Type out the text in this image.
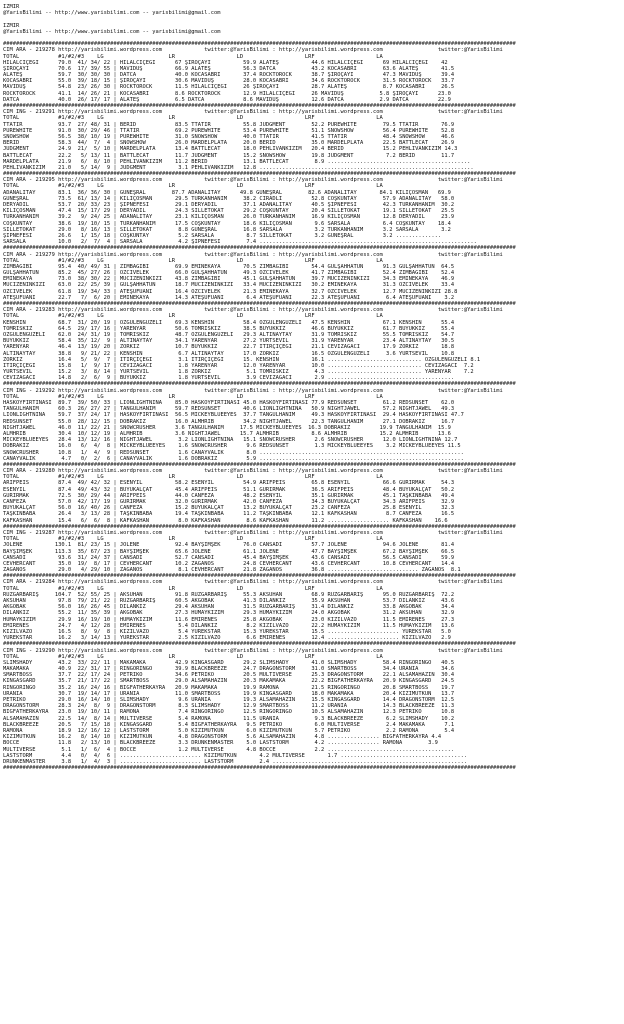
IZMIR
@YarisBilimi -- http://www.yarisbilimi.com -- yarisbilimi@gmail.com
IZMIR
@YarisBilimi -- http://www.yarisbilimi.com -- yarisbilimi@gmail.com
##############################################################################################################################################################
CIM ARA - 219278 http://yarisbilimi.wordpress.com             twitter:@YarisBilimi : http://yarisbilimi.wordpress.com                 twitter:@YarisBilimi
TOTAL            #1/#2/#3    LG                    LR                   LD                   LRF                   LA
HILALCIÇEĞI      79.0  41/ 34/ 22 | HILALCIÇEĞI      67 ŞIROÇAYI          59.9 ALATEŞ          44.6 HILALCIÇEĞI      69 HILALCIÇEĞI    42
ŞIROÇAYI         70.6  17/ 39/ 55 | MAVIDÜŞ          66.9 ALATEŞ          56.3 DATCA           43.2 KOCASABRI        63.6 ALATEŞ       41.5
ALATEŞ           59.7  30/ 30/ 30 | DATCA            40.0 KOCASABRI       37.4 ROCKTOROCK      38.7 ŞIROÇAYI         47.3 MAVIDÜŞ      39.4
KOCASABRI        55.0  39/ 18/ 15 | ŞIROÇAYI         30.6 MAVIDÜŞ         28.0 KOCASABRI       34.6 ROCKTOROCK       31.5 ROCKTOROCK   33.7
MAVIDÜŞ          54.8  23/ 26/ 30 | ROCKTOROCK       11.5 HILALCIÇEĞI     26 ŞIROÇAYI          28.7 ALATEŞ           8.7 KOCASABRI     26.5
ROCKTOROCK       41.1  14/ 26/ 21 | KOCASABRI        8.6 ROCKTOROCK       12.9 HILALCIÇEĞI     26 MAVIDÜŞ           5.8 ŞIROÇAYI      23.0
DATCA            40.0  26/ 17/ 17 | ALATEŞ           6.5 DATCA            8.6 MAVIDÜŞ          12.6 DATCA           2.9 DATCA         22.9
##############################################################################################################################################################
CIM ING - 219291 http://yarisbilimi.wordpress.com             twitter:@YarisBilimi : http://yarisbilimi.wordpress.com                 twitter:@YarisBilimi
TOTAL            #1/#2/#3    LG                    LR                   LD                   LRF                   LA
TTATIR           93.7  27/ 48/ 31 | BERID            83.5 TTATIR          55.8 JUDGMENT        52.2 PUREWHITE        79.5 TTATIR       76.9
PUREWHITE        91.0  30/ 29/ 46 | TTATIR           69.2 PUREWHITE       53.4 PUREWHITE       51.1 SNOWSHOW         56.4 PUREWHITE    52.8
SNOWSHOW         56.5  38/ 10/ 19 | PUREWHITE        31.0 SNOWSHOW        40.0 TTATIR          41.5 TTATIR           48.4 SNOWSHOW     46.6
BERID            58.3  44/  7/  4 | SNOWSHOW         26.0 MARDELPLATA     20.0 BERID           35.0 MARDELPLATA      22.5 BATTLECAT    26.9
JUDGMENT         24.9  21/  5/ 10 | MARDELPLATA      13.4 BATTLECAT       18.0 PEHLIVANKIZIM   20.4 BERID            15.2 PEHLIVANKIZIM 14.3
BATTLECAT        22.2   5/ 13/ 11 | BATTLECAT        11.7 JUDGMENT        15.2 SNOWSHOW        19.8 JUDGMENT          7.2 BERID        11.7
MARDELPLATA      21.9   6/  8/ 10 | PEHLIVANKIZIM    11.2 BERID           13.1 BATTLECAT        8.9 ............................................
PEHLIVANKIZIM    21.0   5/ 14/  9 | JUDGMENT          3.1 PEHLIVANKIZIM   12.8 ..................................................................
##############################################################################################################################################################
CIM ARA - 219295 http://yarisbilimi.wordpress.com             twitter:@YarisBilimi : http://yarisbilimi.wordpress.com                 twitter:@YarisBilimi
TOTAL            #1/#2/#3    LG                    LR                   LD                   LRF                   LA
ADANALITAY       83.1  36/ 36/ 30 | GÜNEŞRAL        87.7 ADANALITAY      49.8 GÜNEŞRAL        82.6 ADANALITAY       84.1 KILIÇOSMAN   69.9
GÜNEŞRAL         73.5  61/ 13/ 14 | KILIÇOSMAN       29.5 TÜRKANHANIM     38.2 CIRADLI         52.8 COŞKUNTAY        57.9 ADANALITAY   58.0
DERYADIL         53.7  20/ 33/ 23 | ŞIPNEFESI        29.1 DERYADIL        37.1 ADANALITAY      40.5 ŞIPNEFESI        42.3 TÜRKANHANIM  30.2
KILIÇOSMAN       47.4  15/ 17/ 29 | DERYADIL         24.3 SILLETOKAT      29.2 COŞKUNTAY       20.4 SILLETOKAT       19.1 SILLETOKAT   25.5
TÜRKANHANIM      39.2   9/ 24/ 25 | ADANALITAY       23.1 KILIÇOSMAN      26.0 TÜRKANHANIM     16.9 KILIÇOSMAN       12.8 DERYADIL     23.9
COŞKUNTAY        38.6  19/ 10/ 15 | TÜRKANHANIM      17.5 COŞKUNTAY       18.6 KILIÇOSMAN       9.6 SARSALA          6.4 COŞKUNTAY    18.4
SILLETOKAT       29.0   8/ 16/ 13 | SILLETOKAT        8.8 GÜNEŞRAL        16.8 SARSALA          3.2 TÜRKANHANIM      3.2 SARSALA       3.2
ŞIPNEFESI        26.6   1/ 15/ 18 | COŞKUNTAY         5.2 SARSALA          8.7 SILLETOKAT       3.2 GÜNEŞRAL         3.2 ..............
SARSALA          10.0   2/  7/  4 | SARSALA           4.2 ŞIPNEFESI        7.4 ...................................................................
##############################################################################################################################################################
CIM ARA - 219279 http://yarisbilimi.wordpress.com             twitter:@YarisBilimi : http://yarisbilimi.wordpress.com                 twitter:@YarisBilimi
TOTAL            #1/#2/#3    LG                    LR                   LD                   LRF                   LA
ZIMBAGIBI        95.4  40/ 49/ 31 | ZIMBAGIBI        69.9 EMINEKAYA       70.5 ZIMBAGIBI       54.4 GÜLŞAHHATUN      91.3 GÜLŞAHHATUN  64.5
GÜLŞAHHATUN      85.2  45/ 27/ 26 | ÖZCIVELEK        66.0 GÜLŞAHHATUN     49.3 ÖZCIVELEK       41.7 ZIMBAGIBI        52.4 ZIMBAGIBI    52.4
EMINEKAYA        73.0  38/ 30/ 22 | MUCIZENINKIZI    43.8 ZIMBAGIBI       45.1 GÜLŞAHHATUN     39.7 MUCIZENINKIZI    34.3 EMINEKAYA    46.9
MUCIZENINKIZI    63.0  22/ 25/ 39 | GÜLŞAHHATUN      18.7 MUCIZENINKIZI   33.4 MUCIZENINKIZI   30.2 EMINEKAYA        31.3 ÖZCIVELEK    33.4
ÖZCIVELEK        61.8  19/ 34/ 33 | ATEŞUFUANI       16.4 ÖZCIVELEK       21.3 EMINEKAYA       32.7 ÖZCIVELEK        12.7 MUCIZENINKIZI 28.8
ATEŞUFUANI       22.7   7/  6/ 20 | EMINEKAYA        14.3 ATEŞUFUANI       6.4 ATEŞUFUANI      22.3 ATEŞUFUANI        6.4 ATEŞUFUANI    3.2
##############################################################################################################################################################
CIM ARA - 219283 http://yarisbilimi.wordpress.com             twitter:@YarisBilimi : http://yarisbilimi.wordpress.com                 twitter:@YarisBilimi
TOTAL            #1/#2/#3    LG                    LR                   LD                   LRF                   LA
KENSHIN          68.7  31/ 20/ 19 | ÖZGÜLENGÜZELI    69.3 KENSHIN         58.4 ÖZGÜLENGÜZELI   47.5 KENSHIN          67.1 KENSHIN      55.4
TOMRISKIZ        64.5  29/ 17/ 16 | YARENYAR         50.6 TOMRISKIZ       38.5 BÜYÜKKIZ        46.6 BÜYÜKKIZ         61.7 BÜYÜKKIZ     55.4
ÖZGÜLENGÜZELI    62.0  24/ 31/ 19 | TOMRISKIZ        48.7 ÖZGÜLENGÜZELI   29.3 ALTINAYTAY      31.9 TOMRISKIZ        55.5 TOMRISKIZ    54.7
BÜYÜKKIZ         58.4  35/ 12/  9 | ALTINAYTAY       34.1 YARENYAR        27.2 YURTSEVIL       31.9 YARENYAR         23.4 ALTINAYTAY   30.5
YARENYAR         46.4  13/ 19/ 20 | ZORKIZ           10.7 BÜYÜKKIZ        22.7 ITIRÇIÇEĞI      21.1 CEVIZAĞACI       17.9 ZORKIZ       18.8
ALTINAYTAY       38.8   9/ 21/ 22 | KENSHIN           6.7 ALTINAYTAY      17.0 ZORKIZ          16.5 ÖZGÜLENGÜZELI     3.6 YURTSEVIL    10.8
ZORKIZ           16.4   5/  9/  7 | ITIRÇIÇEĞI        3.1 ITIRÇIÇEĞI      15. KENSHIN          16.1 ............................. ÖZGÜLENGÜZELI 8.1
ITIRÇIÇEĞI       15.8   1/  9/ 17 | CEVIZAĞACI        1.8 YARENYAR        12.0 YARENYAR        10.0 ............................. CEVIZAĞACI  7.2
YURTSEVIL        15.2   3/  8/ 14 | YURTSEVIL         1.8 ZORKIZ           5.1 TOMRISKIZ        4.3 ............................. YARENYAR    7.2
CEVIZAĞACI       14.8   2/  6/  9 | BÜYÜKKIZ          1.8 YURTSEVIL        3.9 CEVIZAĞACI       2.9 .......................................
##############################################################################################################################################################
CIM ING - 219292 http://yarisbilimi.wordpress.com             twitter:@YarisBilimi : http://yarisbilimi.wordpress.com                 twitter:@YarisBilimi
TOTAL            #1/#2/#3    LG                    LR                   LD                   LRF                   LA
HASKÖYFIRTINASI  89.7  39/ 50/ 33 | LIONLIGHTNINA    85.0 HASKÖYFIRTINASI 45.0 HASKÖYFIRTINASI 77.9 REDSUNSET        61.2 REDSUNSET    62.0
TANGÜLHANIM      60.3  26/ 27/ 27 | TANGÜLHANIM      59.7 REDSUNSET       40.6 LIONLIGHTNINA   50.9 NIGHTJAWEL       57.2 NIGHTJAWEL   49.3
LIONLIGHTNINA    59.7  37/ 24/ 17 | HASKÖYFIRTINASI  56.5 MICKEYBLUEEYES  37.7 TANGÜLHANIM     49.3 HASKÖYFIRTINASI  29.4 HASKÖYFIRTINASI 47.7
REDSUNSET        55.0  28/ 12/ 15 | DOBRAKIZ         16.0 ALMHRIB         34.2 NIGHTJAWEL      22.3 TANGÜLHANIM      27.1 DOBRAKIZ     16.7
NIGHTJAWEL       46.0  11/ 22/ 21 | SNOWCRUSHER      3.6 TANGÜLHANIM     17.5 MICKEYBLUEEYES  16.3 DOBRAKIZ         19.9 TANGÜLHANIM  15.9
ALMHRIB          30.4  10/ 12/ 19 | ALMHRIB          3.6 NIGHTJAWEL      15.7 ALMHRIB          8.6 ALMHRIB          15.2 ALMHRIB      13.6
MICKEYBLUEEYES   28.4  13/ 12/ 16 | NIGHTJAWEL        3.2 LIONLIGHTNINA   15.1 SNOWCRUSHER      2.6 SNOWCRUSHER      12.0 LIONLIGHTNINA 12.7
DOBRAKIZ         16.0   6/  4/  8 | MICKEYBLUEEYES    1.6 SNOWCRUSHER      9.6 REDSUNSET        1.3 MICKEYBLUEEYES    3.2 MICKEYBLUEEYES 11.5
SNOWCRUSHER      10.8   1/  4/  9 | REDSUNSET         1.6 CANAYVALIK       8.0 ...............................................................
CANAYVALIK        4.7   0/  2/  6 | CANAYVALIK        1.6 DOBRAKIZ         5.9 ...............................................................
##############################################################################################################################################################
CIM ARA - 219280 http://yarisbilimi.wordpress.com             twitter:@YarisBilimi : http://yarisbilimi.wordpress.com                 twitter:@YarisBilimi
TOTAL            #1/#2/#3    LG                    LR                   LD                   LRF                   LA
ARIFPEIS         87.4  49/ 42/ 32 | ESENYIL          58.2 ESENYIL         54.9 ARIFPEIS        65.8 ESENYIL          66.6 GÜRIRMAK     54.3
ESENYIL          87.4  49/ 43/ 32 | BÜYÜKALÇAT       45.4 ARIFPEIS        51.1 GÜRIRMAK        36.5 ARIFPEIS         48.4 BÜYÜKALÇAT   50.2
GÜRIRMAK         72.5  30/ 29/ 44 | ARIFPEIS         44.0 CANFEZA         48.2 ESENYIL         35.1 GÜRIRMAK         45.1 TAŞKINBABA   49.4
CANFEZA          57.0  42/ 17/ 19 | GÜRIRMAK         32.0 GÜRIRMAK        42.0 CANFEZA         34.3 BÜYÜKALÇAT       34.3 ARIFPEIS     32.9
BÜYÜKALÇAT       56.0  16/ 40/ 26 | CANFEZA          15.2 BÜYÜKALÇAT      13.2 BÜYÜKALÇAT      23.2 CANFEZA          25.8 ESENYIL      32.3
TAŞKINBABA       26.4   3/ 13/ 28 | TAŞKINBABA       19.4 TAŞKINBABA      11.2 TAŞKINBABA      12.1 KAFKASHAN         8.7 CANFEZA      16.5
KAFKASHAN        15.4   6/  6/  8 | KAFKASHAN         8.0 KAFKASHAN        8.6 KAFKASHAN       11.2 ................... KAFKASHAN    16.6
##############################################################################################################################################################
CIM ING - 219287 http://yarisbilimi.wordpress.com             twitter:@YarisBilimi : http://yarisbilimi.wordpress.com                 twitter:@YarisBilimi
TOTAL            #1/#2/#3    LG                    LR                   LD                   LRF                   LA
JOLENE          130.1  81/ 23/ 15 | JOLENE           92.4 BAYŞIMŞEK       76.0 CANSADI         57.7 JOLENE           94.6 JOLENE       81.4
BAYŞIMŞEK       113.3  35/ 67/ 23 | BAYŞIMŞEK        65.6 JOLENE          61.1 JOLENE          47.7 BAYŞIMŞEK        67.2 BAYŞIMŞEK    66.5
CANSADI          93.6  31/ 24/ 37 | CANSADI          52.7 CANSADI         45.4 BAYŞIMŞEK       43.6 CANSADI          56.5 CANSADI      59.9
CEVHERCANT       35.0  19/  8/ 17 | CEVHERCANT       10.2 ZAGANOS         24.8 CEVHERCANT      43.6 CEVHERCANT       10.8 CEVHERCANT   14.4
ZAGANOS          29.0   4/ 29/ 10 | ZAGANOS           8.1 CEVHERCANT      21.8 ZAGANOS         36.8 ............................ ZAGANOS  8.1
##############################################################################################################################################################
CIM ARA - 219284 http://yarisbilimi.wordpress.com             twitter:@YarisBilimi : http://yarisbilimi.wordpress.com                 twitter:@YarisBilimi
TOTAL            #1/#2/#3    LG                    LR                   LD                   LRF                   LA
RÜZGARBARIŞ     104.7  52/ 55/ 25 | AKSUHAN          91.8 RÜZGARBARIŞ     55.3 AKSUHAN         68.9 RÜZGARBARIŞ      95.0 RÜZGARBARIŞ  72.2
AKSUHAN          97.8  79/ 21/ 22 | RÜZGARBARIŞ      60.5 AKGOBAK         41.3 DILANKIZ        35.9 AKSUHAN          53.7 DILANKIZ     43.6
AKGOBAK          56.0  16/ 26/ 45 | DILANKIZ         29.4 AKSUHAN         31.5 RÜZGARBARIŞ     31.4 DILANKIZ         33.8 AKGOBAK      34.4
DILANKIZ         55.2  11/ 35/ 39 | AKGOBAK          27.3 HUMAYKIZIM      29.3 HUMAYKIZIM      24.0 AKGOBAK          31.2 AKSUHAN      32.9
HUMAYKIZIM       29.9  16/ 19/ 10 | HUMAYKIZIM       11.6 EMIRENES        25.8 AKGOBAK         23.0 KIZILVAZO        11.5 EMIRENES     27.3
EMIRENES         24.7   4/ 12/ 28 | EMIRENES          5.4 DILANKIZ         8.2 KIZILVAZO       22.2 HUMAYKIZIM       11.5 HUMAYKIZIM   13.6
KIZILVAZO        16.5   8/  9/  8 | KIZILVAZO         5.4 YÜREKSTAR       15.3 YÜREKSTAR       15.5 ...................... YÜREKSTAR   5.0
YÜREKSTAR        16.2   3/ 14/ 13 | YÜREKSTAR         2.5 KIZILVAZO        6.6 EMIRENES        12.4 ...................... KIZILVAZO   2.9
##############################################################################################################################################################
CIM ING - 219290 http://yarisbilimi.wordpress.com             twitter:@YarisBilimi : http://yarisbilimi.wordpress.com                 twitter:@YarisBilimi
TOTAL            #1/#2/#3    LG                    LR                   LD                   LRF                   LA
SLIMSHADY        43.2  33/ 22/ 11 | MAKAMAKA         42.9 KINGASGARD      29.2 SLIMSHADY       41.0 SLIMSHADY        58.4 RINGORINGO   40.5
MAKAMAKA         40.9  22/ 31/ 17 | RINGORINGO       39.9 BLACKBREEZE     24.7 DRAGONSTORM     31.0 SMARTBOSS        34.4 URANIA       34.6
SMARTBOSS        37.7  22/ 17/ 24 | PETRIKO          34.6 PETRIKO         20.5 MULTIVERSE      25.3 DRAGONSTORM      22.1 ALSAMAHAZIN  30.4
KINGASGARD       35.7  21/ 17/ 22 | SMARTBOSS        29.0 ALSAMAHAZIN     20.3 MAKAMAKA        22.2 BIGFATHERKAYRA   20.9 KINGASGARD   24.5
RINGORINGO       35.2  16/ 24/ 16 | BIGFATHERKAYRA   20.9 MAKAMAKA        19.9 RAMONA          21.5 RINGORINGO       20.8 SMARTBOSS    19.7
URANIA           30.7  19/ 14/ 17 | URANIA           11.0 SMARTBOSS       19.9 KINGASGARD      18.0 MAKAMAKA         20.4 KIZIMUTKUN   13.7
PETRIKO          29.0  16/ 14/ 10 | SLIMSHADY         9.6 URANIA          19.3 ALSAMAHAZIN     15.5 KINGASGARD       14.4 DRAGONSTORM  12.5
DRAGONSTORM      28.3  24/  8/  9 | DRAGONSTORM       8.3 SLIMSHADY       12.9 SMARTBOSS       11.2 URANIA           14.3 BLACKBREEZE  11.3
BIGFATHERKAYRA   23.0  19/ 10/ 11 | RAMONA            7.4 RINGORINGO      12.5 RINGORINGO      10.5 ALSAMAHAZIN      12.3 PETRIKO      10.8
ALSAMAHAZIN      22.5  14/  8/ 14 | MULTIVERSE        5.4 RAMONA          11.5 URANIA           9.3 BLACKBREEZE       6.2 SLIMSHADY    10.2
BLACKBREEZE      20.5   7/ 15/ 18 | KINGASGARD        5.4 BIGFATHERKAYRA   9.5 PETRIKO          6.0 MULTIVERSE        2.4 MAKAMAKA      7.1
RAMONA           18.9  12/ 16/ 12 | LASTSTORM         5.0 KIZIMUTKUN       6.0 KIZIMUTKUN       5.7 PETRIKO           2.2 RAMONA        5.4
KIZIMUTKUN       16.2   8/ 14/ 10 | KIZIMUTKUN        4.8 DRAGONSTORM      5.6 ALSAMAHAZIN      4.8 ................ BIGFATHERKAYRA 4.4
BOCCE            11.8   2/ 13/ 10 | BLACKBREEZE       3.3 DRUNKENMASTER    5.0 LASTSTORM        4.2 ................ RAMONA        3.9
MULTIVERSE        5.1   1/  6/  4 | BOCCE             1.2 MULTIVERSE       4.8 BOCCE            2.2 .......................................
LASTSTORM         4.4   0/  4/  6 | ......................... KIZIMUTKUN       4.2 MULTIVERSE       1.7 .......................................
DRUNKENMASTER     3.8   1/  4/  3 | ......................... LASTSTORM        2.4 ............................................................
##############################################################################################################################################################
